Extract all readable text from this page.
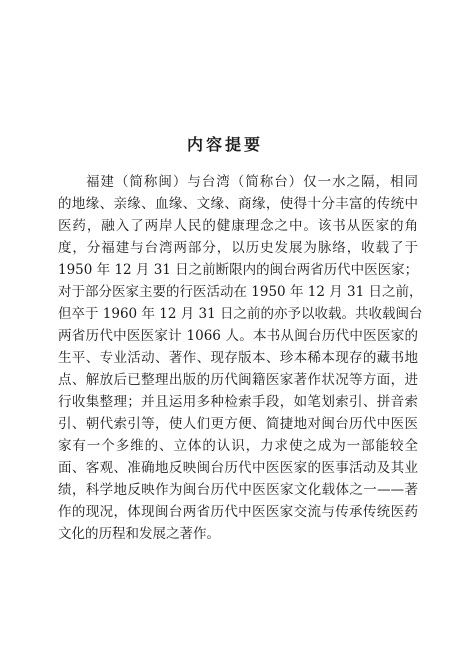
内容提要
福建（简称闽）与台湾（简称台）仅一水之隔，相同
的地缘、亲缘、血缘、文缘、商缘，使得十分丰富的传统中
医药，融入了两岸人民的健康理念之中。该书从医家的角
度，分福建与台湾两部分，以历史发展为脉络，收载了于
1950 年 12 月 31 日之前断限内的闽台两省历代中医医家；
对于部分医家主要的行医活动在 1950 年 12 月 31 日之前，
但卒于 1960 年 12 月 31 日之前的亦予以收载。共收载闽台
两省历代中医医家计 1066 人。本书从闽台历代中医医家的
生平、专业活动、著作、现存版本、珍本稀本现存的藏书地
点、解放后已整理出版的历代闽籍医家著作状况等方面，进
行收集整理；并且运用多种检索手段，如笔划索引、拼音索
引、朝代索引等，使人们更方便、简捷地对闽台历代中医医
家有一个多维的、立体的认识，力求使之成为一部能较全
面、客观、准确地反映闽台历代中医医家的医事活动及其业
绩，科学地反映作为闽台历代中医医家文化载体之一——著
作的现况，体现闽台两省历代中医医家交流与传承传统医药
文化的历程和发展之著作。
